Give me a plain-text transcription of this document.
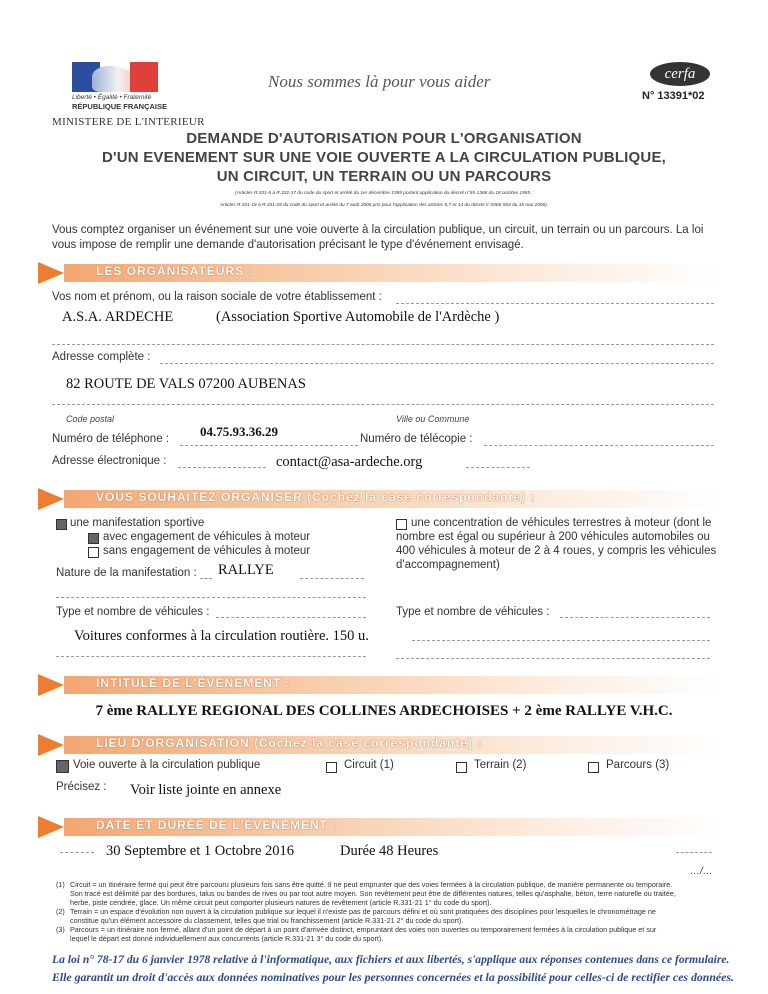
Liberté • Égalité • Fraternité
RÉPUBLIQUE FRANÇAISE
MINISTERE DE L'INTERIEUR
Nous sommes là pour vous aider	cerfa
N° 13391*02
DEMANDE D'AUTORISATION POUR L'ORGANISATION
D'UN EVENEMENT SUR UNE VOIE OUVERTE A LA CIRCULATION PUBLIQUE,
UN CIRCUIT, UN TERRAIN OU UN PARCOURS
(Articles R.331-6 à R.331-17 du code du sport et arrêté du 1er décembre 1959 portant application du décret n°55-1366 du 18 octobre 1955 ;
Articles R.331-18 à R.331-28 du code du sport et arrêté du 7 août 2006 pris pour l'application des articles 5,7 et 14 du décret n°2006-554 du 16 mai 2006).
Vous comptez organiser un événement sur une voie ouverte à la circulation publique, un circuit, un terrain ou un parcours. La loi
vous impose de remplir une demande d'autorisation précisant le type d'événement envisagé.
LES ORGANISATEURS :
Vos nom et prénom, ou la raison sociale de votre établissement :
A.S.A. ARDECHE	(Association Sportive Automobile de l'Ardèche )
Adresse complète :
82 ROUTE DE VALS 07200 AUBENAS
Code postal	Ville ou Commune
Numéro de téléphone : 04.75.93.36.29	Numéro de télécopie :
Adresse électronique :	contact@asa-ardeche.org
VOUS SOUHAITEZ ORGANISER (Cochez la case correspondante) :
une manifestation sportive
avec engagement de véhicules à moteur
sans engagement de véhicules à moteur
Nature de la manifestation : RALLYE
une concentration de véhicules terrestres à moteur (dont le
nombre est égal ou supérieur à 200 véhicules automobiles ou
400 véhicules à moteur de 2 à 4 roues, y compris les véhicules
d'accompagnement)
Type et nombre de véhicules :	Type et nombre de véhicules :
Voitures conformes à la circulation routière. 150 u.
INTITULÉ DE L'ÉVÉNEMENT :
7 ème RALLYE REGIONAL DES COLLINES ARDECHOISES + 2 ème RALLYE V.H.C.
LIEU D'ORGANISATION (Cochez la case correspondante) :
Voie ouverte à la circulation publique	Circuit (1)	Terrain (2)	Parcours (3)
Précisez : Voir liste jointe en annexe
DATE ET DURÉE DE L'ÉVÉNEMENT :
30 Septembre et 1 Octobre 2016	Durée 48 Heures
…/…
(1) Circuit = un itinéraire fermé qui peut être parcouru plusieurs fois sans être quitté. Il ne peut emprunter que des voies fermées à la circulation publique, de manière permanente ou temporaire.
Son tracé est délimité par des bordures, talus ou bandes de rives ou par tout autre moyen. Son revêtement peut être de différentes natures, telles qu'asphalte, béton, terre naturelle ou traitée,
herbe, piste cendrée, glace. Un même circuit peut comporter plusieurs natures de revêtement (article R.331-21 1° du code du sport).
(2) Terrain = un espace d'évolution non ouvert à la circulation publique sur lequel il n'existe pas de parcours défini et où sont pratiquées des disciplines pour lesquelles le chronométrage ne
constitue qu'un élément accessoire du classement, telles que trial ou franchissement (article R.331-21 2° du code du sport).
(3) Parcours = un itinéraire non fermé, allant d'un point de départ à un point d'arrivée distinct, empruntant des voies non ouvertes ou temporairement fermées à la circulation publique et sur
lequel le départ est donné individuellement aux concurrents (article R.331-21 3° du code du sport).
La loi n° 78-17 du 6 janvier 1978 relative à l'informatique, aux fichiers et aux libertés, s'applique aux réponses contenues dans ce formulaire.
Elle garantit un droit d'accès aux données nominatives pour les personnes concernées et la possibilité pour celles-ci de rectifier ces données.
